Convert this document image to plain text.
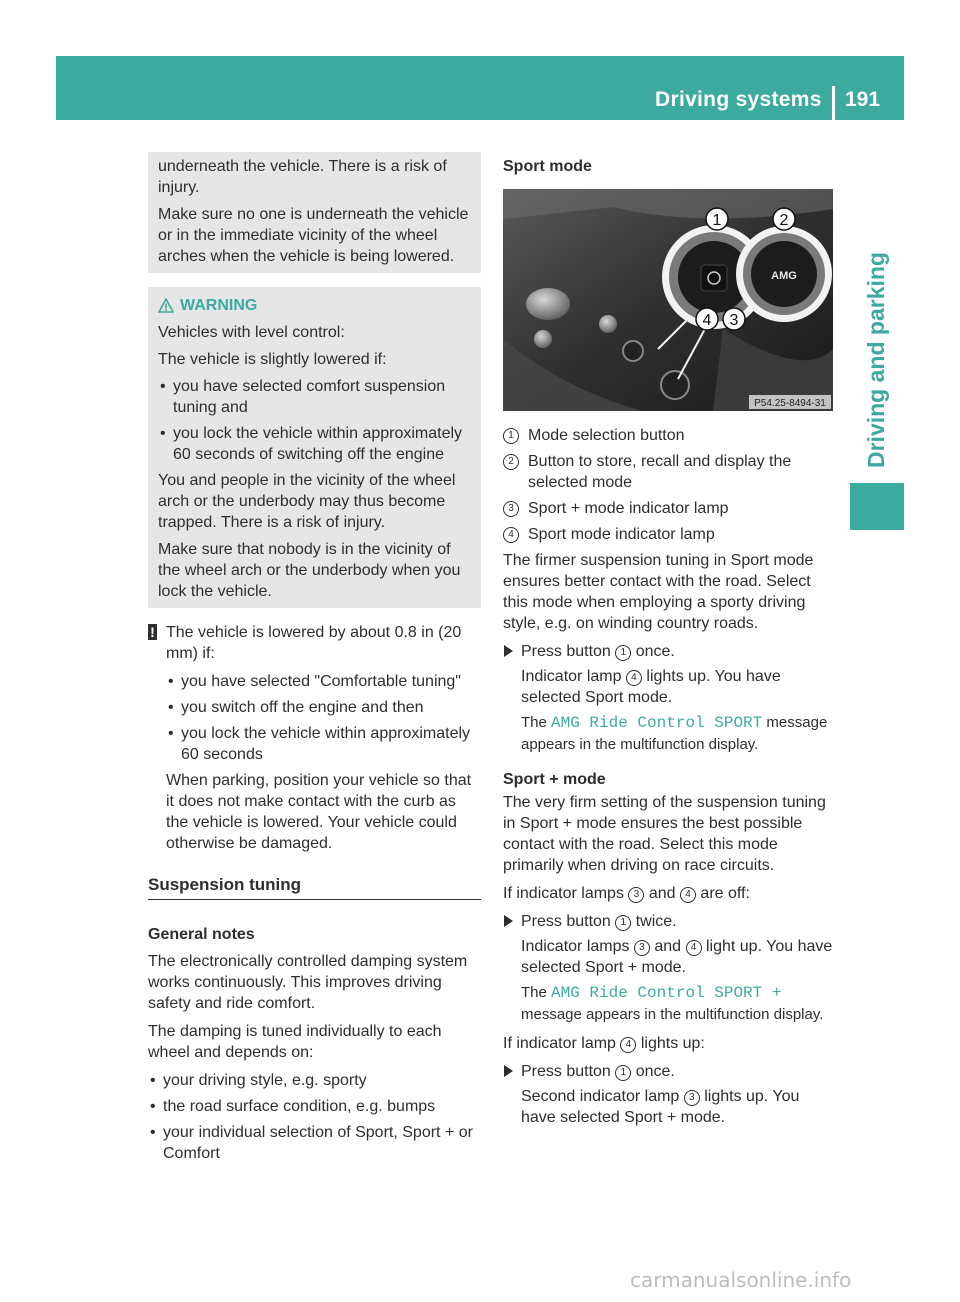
Driving systems 191
Driving and parking

underneath the vehicle. There is a risk of injury.

Make sure no one is underneath the vehicle or in the immediate vicinity of the wheel arches when the vehicle is being lowered.

WARNING

Vehicles with level control:

The vehicle is slightly lowered if:

• you have selected comfort suspension tuning and
• you lock the vehicle within approximately 60 seconds of switching off the engine

You and people in the vicinity of the wheel arch or the underbody may thus become trapped. There is a risk of injury.

Make sure that nobody is in the vicinity of the wheel arch or the underbody when you lock the vehicle.

! The vehicle is lowered by about 0.8 in (20 mm) if:

• you have selected "Comfortable tuning"
• you switch off the engine and then
• you lock the vehicle within approximately 60 seconds

When parking, position your vehicle so that it does not make contact with the curb as the vehicle is lowered. Your vehicle could otherwise be damaged.

Suspension tuning
General notes

The electronically controlled damping system works continuously. This improves driving safety and ride comfort.

The damping is tuned individually to each wheel and depends on:

• your driving style, e.g. sporty
• the road surface condition, e.g. bumps
• your individual selection of Sport, Sport + or Comfort
Sport mode
AMG
1	2
3
4
P54.25-8494-31
1 Mode selection button
2 Button to store, recall and display the selected mode
3 Sport + mode indicator lamp
4 Sport mode indicator lamp

The firmer suspension tuning in Sport mode ensures better contact with the road. Select this mode when employing a sporty driving style, e.g. on winding country roads.

Press button 1 once.
Indicator lamp 4 lights up. You have selected Sport mode.
The AMG Ride Control SPORT message appears in the multifunction display.
Sport + mode

The very firm setting of the suspension tuning in Sport + mode ensures the best possible contact with the road. Select this mode primarily when driving on race circuits.

If indicator lamps 3 and 4 are off:

Press button 1 twice.
Indicator lamps 3 and 4 light up. You have selected Sport + mode.
The AMG Ride Control SPORT + message appears in the multifunction display.

If indicator lamp 4 lights up:

Press button 1 once.
Second indicator lamp 3 lights up. You have selected Sport + mode.
carmanualsonline.info
